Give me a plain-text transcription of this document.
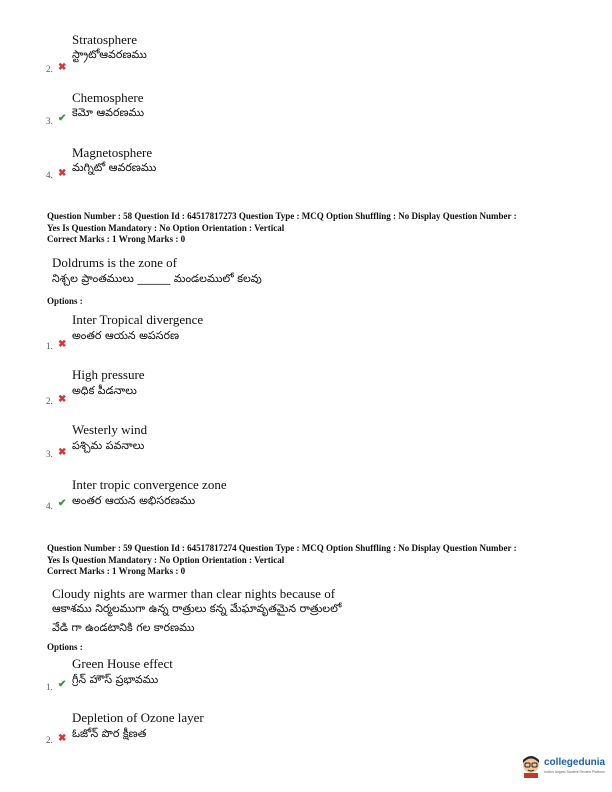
Stratosphere
స్ట్రాటోఆవరణము
2. ✖
Chemosphere
కెమో ఆవరణము
3. ✔
Magnetosphere
మగ్నిటో ఆవరణము
4. ✖
Question Number : 58 Question Id : 64517817273 Question Type : MCQ Option Shuffling : No Display Question Number :
Yes Is Question Mandatory : No Option Orientation : Vertical
Correct Marks : 1 Wrong Marks : 0
Doldrums is the zone of
నిశ్చల ప్రాంతములు ______ మండలములో కలవు
Options :
Inter Tropical divergence
అంతర ఆయన అపసరణ
1. ✖
High pressure
అధిక పీడనాలు
2. ✖
Westerly wind
పశ్చిమ పవనాలు
3. ✖
Inter tropic convergence zone
అంతర ఆయన అభిసరణము
4. ✔
Question Number : 59 Question Id : 64517817274 Question Type : MCQ Option Shuffling : No Display Question Number :
Yes Is Question Mandatory : No Option Orientation : Vertical
Correct Marks : 1 Wrong Marks : 0
Cloudy nights are warmer than clear nights because of
ఆకాశము నిర్మలముగా ఉన్న రాత్రులు కన్న మేఘావృతమైన రాత్రులలో
వేడి గా ఉండటానికి గల కారణము
Options :
Green House effect
గ్రీన్ హౌస్ ప్రభావము
1. ✔
Depletion of Ozone layer
ఓజోన్ పొర క్షీణత
2. ✖
collegedunia
India's largest Student Review Platform
